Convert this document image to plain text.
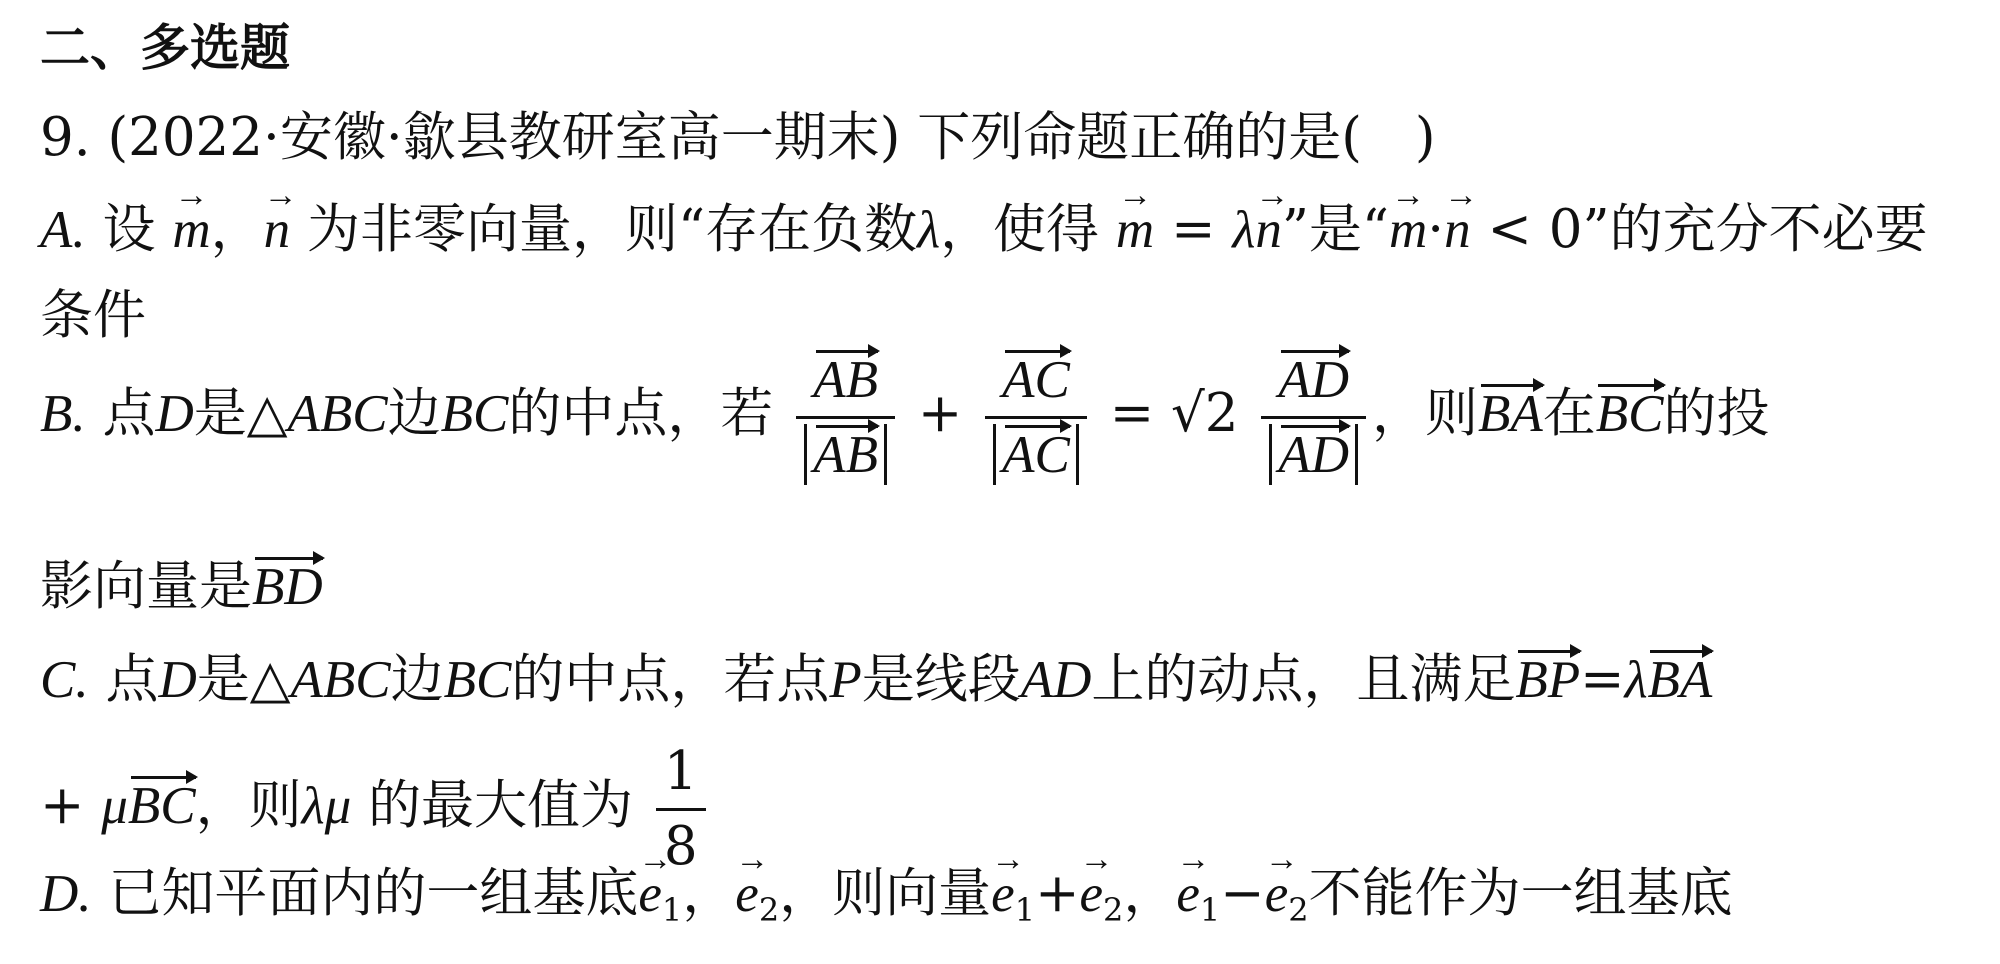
二、多选题
9. (2022·安徽·歙县教研室高一期末) 下列命题正确的是(　)
A. 设 m →，n → 为非零向量，则“存在负数λ，使得 m → = λn →”是“m →·n → < 0”的充分不必要
条件
B. 点D是△ABC边BC的中点，若 $\frac{AB}{AB} + \frac{AC}{AC} = √2 \frac{AD}{AD}$ ，则BA在BC的投
影向量是BD
C. 点D是△ABC边BC的中点，若点P是线段AD上的动点，且满足BP=λBA
+ μBC，则λμ 的最大值为 $\frac{1}{8}$
D. 已知平面内的一组基底$e \to_1$，$e \to_2$，则向量$e \to_1+e \to_2$，$e \to_1-e \to_2$不能作为一组基底
